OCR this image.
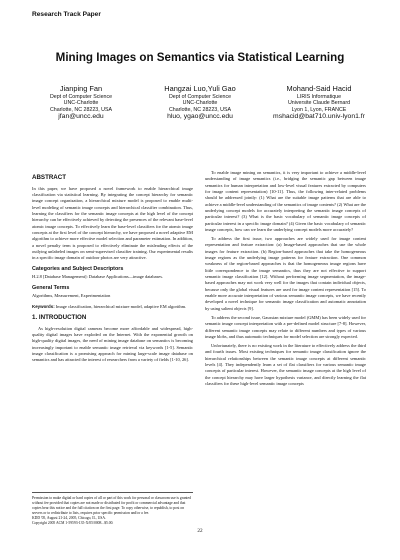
Research Track Paper
Mining Images on Semantics via Statistical Learning
Jianping Fan
Dept of Computer Science
UNC-Charlotte
Charlotte, NC 28223, USA
jfan@uncc.edu
Hangzai Luo,Yuli Gao
Dept of Computer Science
UNC-Charlotte
Charlotte, NC 28223, USA
hluo, ygao@uncc.edu
Mohand-Said Hacid
LIRIS Informatique
Universite Claude Bernard
Lyon 1, Lyon, FRANCE
mshacid@bat710.univ-lyon1.fr
ABSTRACT

In this paper, we have proposed a novel framework to enable hierarchical image classification via statistical learning. By integrating the concept hierarchy for semantic image concept organization, a hierarchical mixture model is proposed to enable multi-level modeling of semantic image concepts and hierarchical classifier combination. Thus, learning the classifiers for the semantic image concepts at the high level of the concept hierarchy can be effectively achieved by detecting the presences of the relevant base-level atomic image concepts. To effectively learn the base-level classifiers for the atomic image concepts at the first level of the concept hierarchy, we have proposed a novel adaptive EM algorithm to achieve more effective model selection and parameter estimation. In addition, a novel penalty term is proposed to effectively eliminate the misleading effects of the outlying unlabeled images on semi-supervised classifier training. Our experimental results in a specific image domain of outdoor photos are very attractive.

Categories and Subject Descriptors

H.2.8 [Database Management]: Database Applications—image databases.

General Terms

Algorithms, Measurement, Experimentation

Keywords: Image classification, hierarchical mixture model, adaptive EM algorithm.

1. INTRODUCTION

As high-resolution digital cameras become more affordable and widespread, high-quality digital images have exploded on the Internet. With the exponential growth on high-quality digital images, the need of mining image database on semantics is becoming increasingly important to enable semantic image retrieval via keywords [1-5]. Semantic image classification is a promising approach for mining large-scale image database on semantics and has attracted the interest of researchers from a variety of fields [1-10, 26].

Permission to make digital or hard copies of all or part of this work for personal or classroom use is granted without fee provided that copies are not made or distributed for profit or commercial advantage and that copies bear this notice and the full citation on the first page. To copy otherwise, to republish, to post on servers or to redistribute to lists, requires prior specific permission and/or a fee.
KDD '05, August 21-24, 2005, Chicago, IL, USA.
Copyright 2005 ACM 1-59593-135-X/05/0008...$5.00.

To enable image mining on semantics, it is very important to achieve a middle-level understanding of image semantics (i.e., bridging the semantic gap between image semantics for human interpretation and low-level visual features extracted by computers for image content representation) [10-11]. Thus, the following inter-related problems should be addressed jointly: (1) What are the suitable image patterns that are able to achieve a middle-level understanding of the semantics of image contents? (2) What are the underlying concept models for accurately interpreting the semantic image concepts of particular interest? (3) What is the basic vocabulary of semantic image concepts of particular interest in a specific image domain? (4) Given the basic vocabulary of semantic image concepts, how can we learn the underlying concept models more accurately?

To address the first issue, two approaches are widely used for image content representation and feature extraction: (a) Image-based approaches that use the whole images for feature extraction. (b) Region-based approaches that take the homogeneous image regions as the underlying image patterns for feature extraction. One common weakness of the region-based approaches is that the homogeneous image regions have little correspondence to the image semantics, thus they are not effective to support semantic image classification [12]. Without performing image segmentation, the image-based approaches may not work very well for the images that contain individual objects, because only the global visual features are used for image content representation [15]. To enable more accurate interpretation of various semantic image concepts, we have recently developed a novel technique for semantic image classification and automatic annotation by using salient objects [9].

To address the second issue, Gaussian mixture model (GMM) has been widely used for semantic image concept interpretation with a pre-defined model structure [7-8]. However, different semantic image concepts may relate to different numbers and types of various image blobs, and thus automatic techniques for model selection are strongly expected.

Unfortunately, there is no existing work in the literature to effectively address the third and fourth issues. Most existing techniques for semantic image classification ignore the hierarchical relationships between the semantic image concepts at different semantic levels [4]. They independently learn a set of flat classifiers for various semantic image concepts of particular interest. However, the semantic image concepts at the high level of the concept hierarchy may have larger hypothesis variance, and directly learning the flat classifiers for these high-level semantic image concepts

22
